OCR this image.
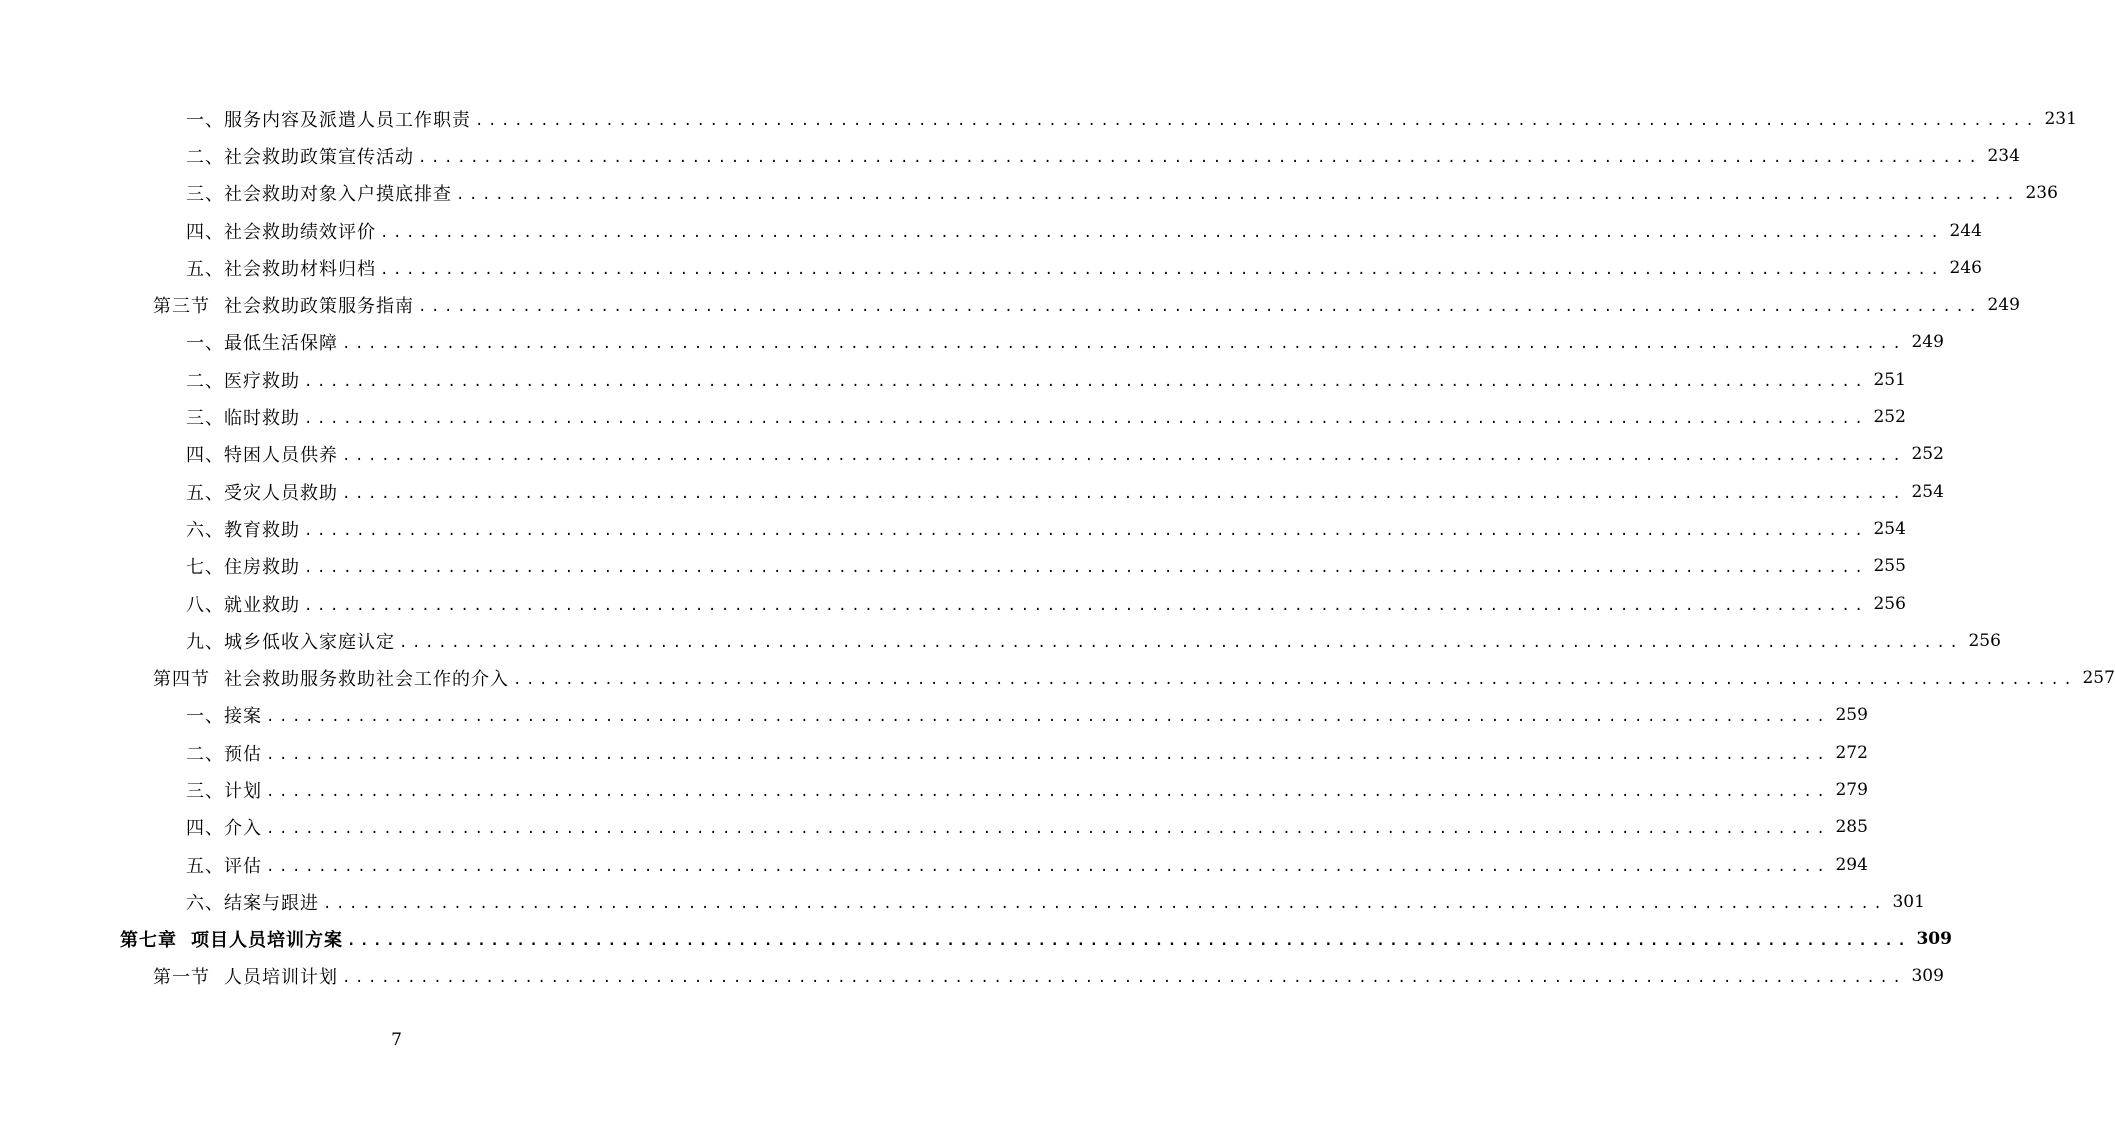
一、服务内容及派遣人员工作职责 ........................................................................................................................ 231
二、社会救助政策宣传活动 ........................................................................................................................ 234
三、社会救助对象入户摸底排查 ........................................................................................................................ 236
四、社会救助绩效评价 ........................................................................................................................ 244
五、社会救助材料归档 ........................................................................................................................ 246
第三节 社会救助政策服务指南 ........................................................................................................................ 249
一、最低生活保障 ........................................................................................................................ 249
二、医疗救助 ........................................................................................................................ 251
三、临时救助 ........................................................................................................................ 252
四、特困人员供养 ........................................................................................................................ 252
五、受灾人员救助 ........................................................................................................................ 254
六、教育救助 ........................................................................................................................ 254
七、住房救助 ........................................................................................................................ 255
八、就业救助 ........................................................................................................................ 256
九、城乡低收入家庭认定 ........................................................................................................................ 256
第四节 社会救助服务救助社会工作的介入 ........................................................................................................................ 257
一、接案 ........................................................................................................................ 259
二、预估 ........................................................................................................................ 272
三、计划 ........................................................................................................................ 279
四、介入 ........................................................................................................................ 285
五、评估 ........................................................................................................................ 294
六、结案与跟进 ........................................................................................................................ 301
第七章 项目人员培训方案 ........................................................................................................................ 309
第一节 人员培训计划 ........................................................................................................................ 309
7
